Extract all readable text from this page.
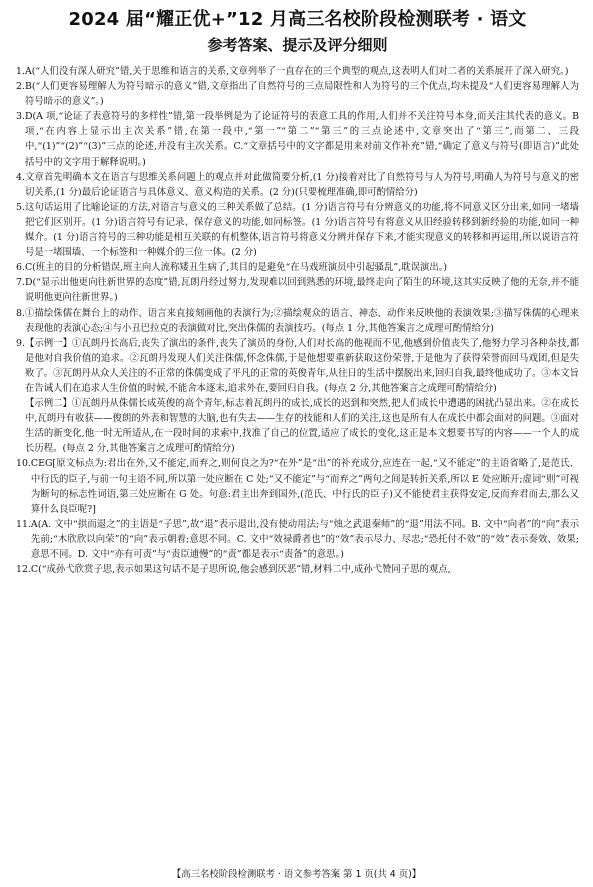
2024 届“耀正优+”12 月高三名校阶段检测联考 · 语文
参考答案、提示及评分细则
1. A(“人们没有深人研究”错,关于思维和语言的关系,文章列举了一直存在的三个典型的观点,这表明人们对二者的关系展开了深入研究。)

2. B(“人们更容易理解人为符号暗示的意义”错,文章指出了自然符号的三点局限性和人为符号的三个优点,均未提及“人们更容易理解人为符号暗示的意义”。)

3. D(A 项,“论证了表意符号的多样性”错,第一段举例是为了论证符号的表意工具的作用,人们并不关注符号本身,而关注其代表的意义。B 项,“在内容上显示出主次关系”错,在第一段中,“第一”“第二”“第三”的三点论述中,文章突出了“第三”,而第二、三段中,“(1)”“(2)”“(3)”三点的论述,并没有主次关系。C.“文章括号中的文字都是用来对前文作补充”错,“确定了意义与符号(即语言)”此处括号中的文字用于解释说明。)

4. 文章首先明确本文在语言与思维关系问题上的观点并对此做简要分析,(1 分)接着对比了自然符号与人为符号,明确人为符号与意义的密切关系,(1 分)最后论证语言与具体意义、意义构造的关系。(2 分)(只要梳理准确,即可酌情给分)

5. 这句话运用了比喻论证的方法,对语言与意义的三种关系做了总结。(1 分)语言符号有分辨意义的功能,将不同意义区分出来,如同一堵墙把它们区别开。(1 分)语言符号有记录、保存意义的功能,如同标签。(1 分)语言符号有将意义从旧经验转移到新经验的功能,如同一种媒介。(1 分)语言符号的三种功能是相互关联的有机整体,语言符号将意义分辨并保存下来,才能实现意义的转移和再运用,所以说语言符号是一堵围墙、一个标签和一种媒介的三位一体。(2 分)

6. C(班主的目的分析错误,班主向人流称矮丑生病了,其目的是避免“在马戏班演员中引起骚乱”,耽误演出。)

7. D(“显示出他更向往新世界的态度”错,瓦朗丹经过努力,发现难以回到熟悉的环境,最终走向了陌生的环境,这其实反映了他的无奈,并不能说明他更向往新世界。)

8. ①描绘侏儒在舞台上的动作、语言来直接刻画他的表演行为;②描绘观众的语言、神态、动作来反映他的表演效果;③描写侏儒的心理来表现他的表演心态;④与小丑巴拉克的表演做对比,突出侏儒的表演技巧。(每点 1 分,其他答案言之成理可酌情给分)

9. 【示例一】①瓦朗丹长高后,丧失了演出的条件,丧失了演员的身份,人们对长高的他视而不见,他感到价值丧失了,他努力学习各种杂技,都是他对自我价值的追求。②瓦朗丹发现人们关注侏儒,怀念侏儒,于是他想要重新获取这份荣誉,于是他为了获得荣誉而回马戏团,但是失败了。③瓦朗丹从众人关注的不正常的侏儒变成了平凡的正常的英俊青年,从往日的生活中摆脱出来,回归自我,最终他成功了。③本文旨在告诫人们在追求人生价值的时候,不能舍本逐末,追求外在,要回归自我。(每点 2 分,其他答案言之成理可酌情给分)

【示例二】①瓦朗丹从侏儒长成英俊的高个青年,标志着瓦朗丹的成长,成长的迟到和突然,把人们成长中遭遇的困扰凸显出来。②在成长中,瓦朗丹有收获——俊朗的外表和智慧的大脑,也有失去——生存的技能和人们的关注,这也是所有人在成长中都会面对的问题。③面对生活的新变化,他一时无所适从,在一段时间的求索中,找准了自己的位置,适应了成长的变化,这正是本文想要书写的内容——一个人的成长历程。(每点 2 分,其他答案言之成理可酌情给分)

10. CEG[原文标点为:君出在外,又不能定,而弃之,则何良之为?“在外”是“出”的补充成分,应连在一起,“又不能定”的主语省略了,是范氏、中行氏的臣子,与前一句主语不同,所以第一处应断在 C 处;“又不能定”与“而弃之”两句之间是转折关系,所以 E 处应断开;虚词“则”可视为断句的标志性词语,第三处应断在 G 处。句意:君主出奔到国外,(范氏、中行氏的臣子)又不能使君主获得安定,反而弃君而去,那么又算什么良臣呢?]

11. A(A. 文中“拱而退之”的主语是“子思”,故“退”表示退出,没有使动用法;与“烛之武退秦师”的“退”用法不同。B. 文中“向者”的“向”表示先前;“木欣欣以向荣”的“向”表示朝着;意思不同。C. 文中“效禄爵者也”的“效”表示尽力、尽忠;“恐托付不效”的“效”表示奏效、效果;意思不同。D. 文中“亦有可责”与“责臣逋慢”的“责”都是表示“责备”的意思。)

12. C(“成孙弋欣赏子思,表示如果这句话不是子思所说,他会感到厌恶”错,材料二中,成孙弋赞同子思的观点,

【高三名校阶段检测联考 · 语文参考答案 第 1 页(共 4 页)】
